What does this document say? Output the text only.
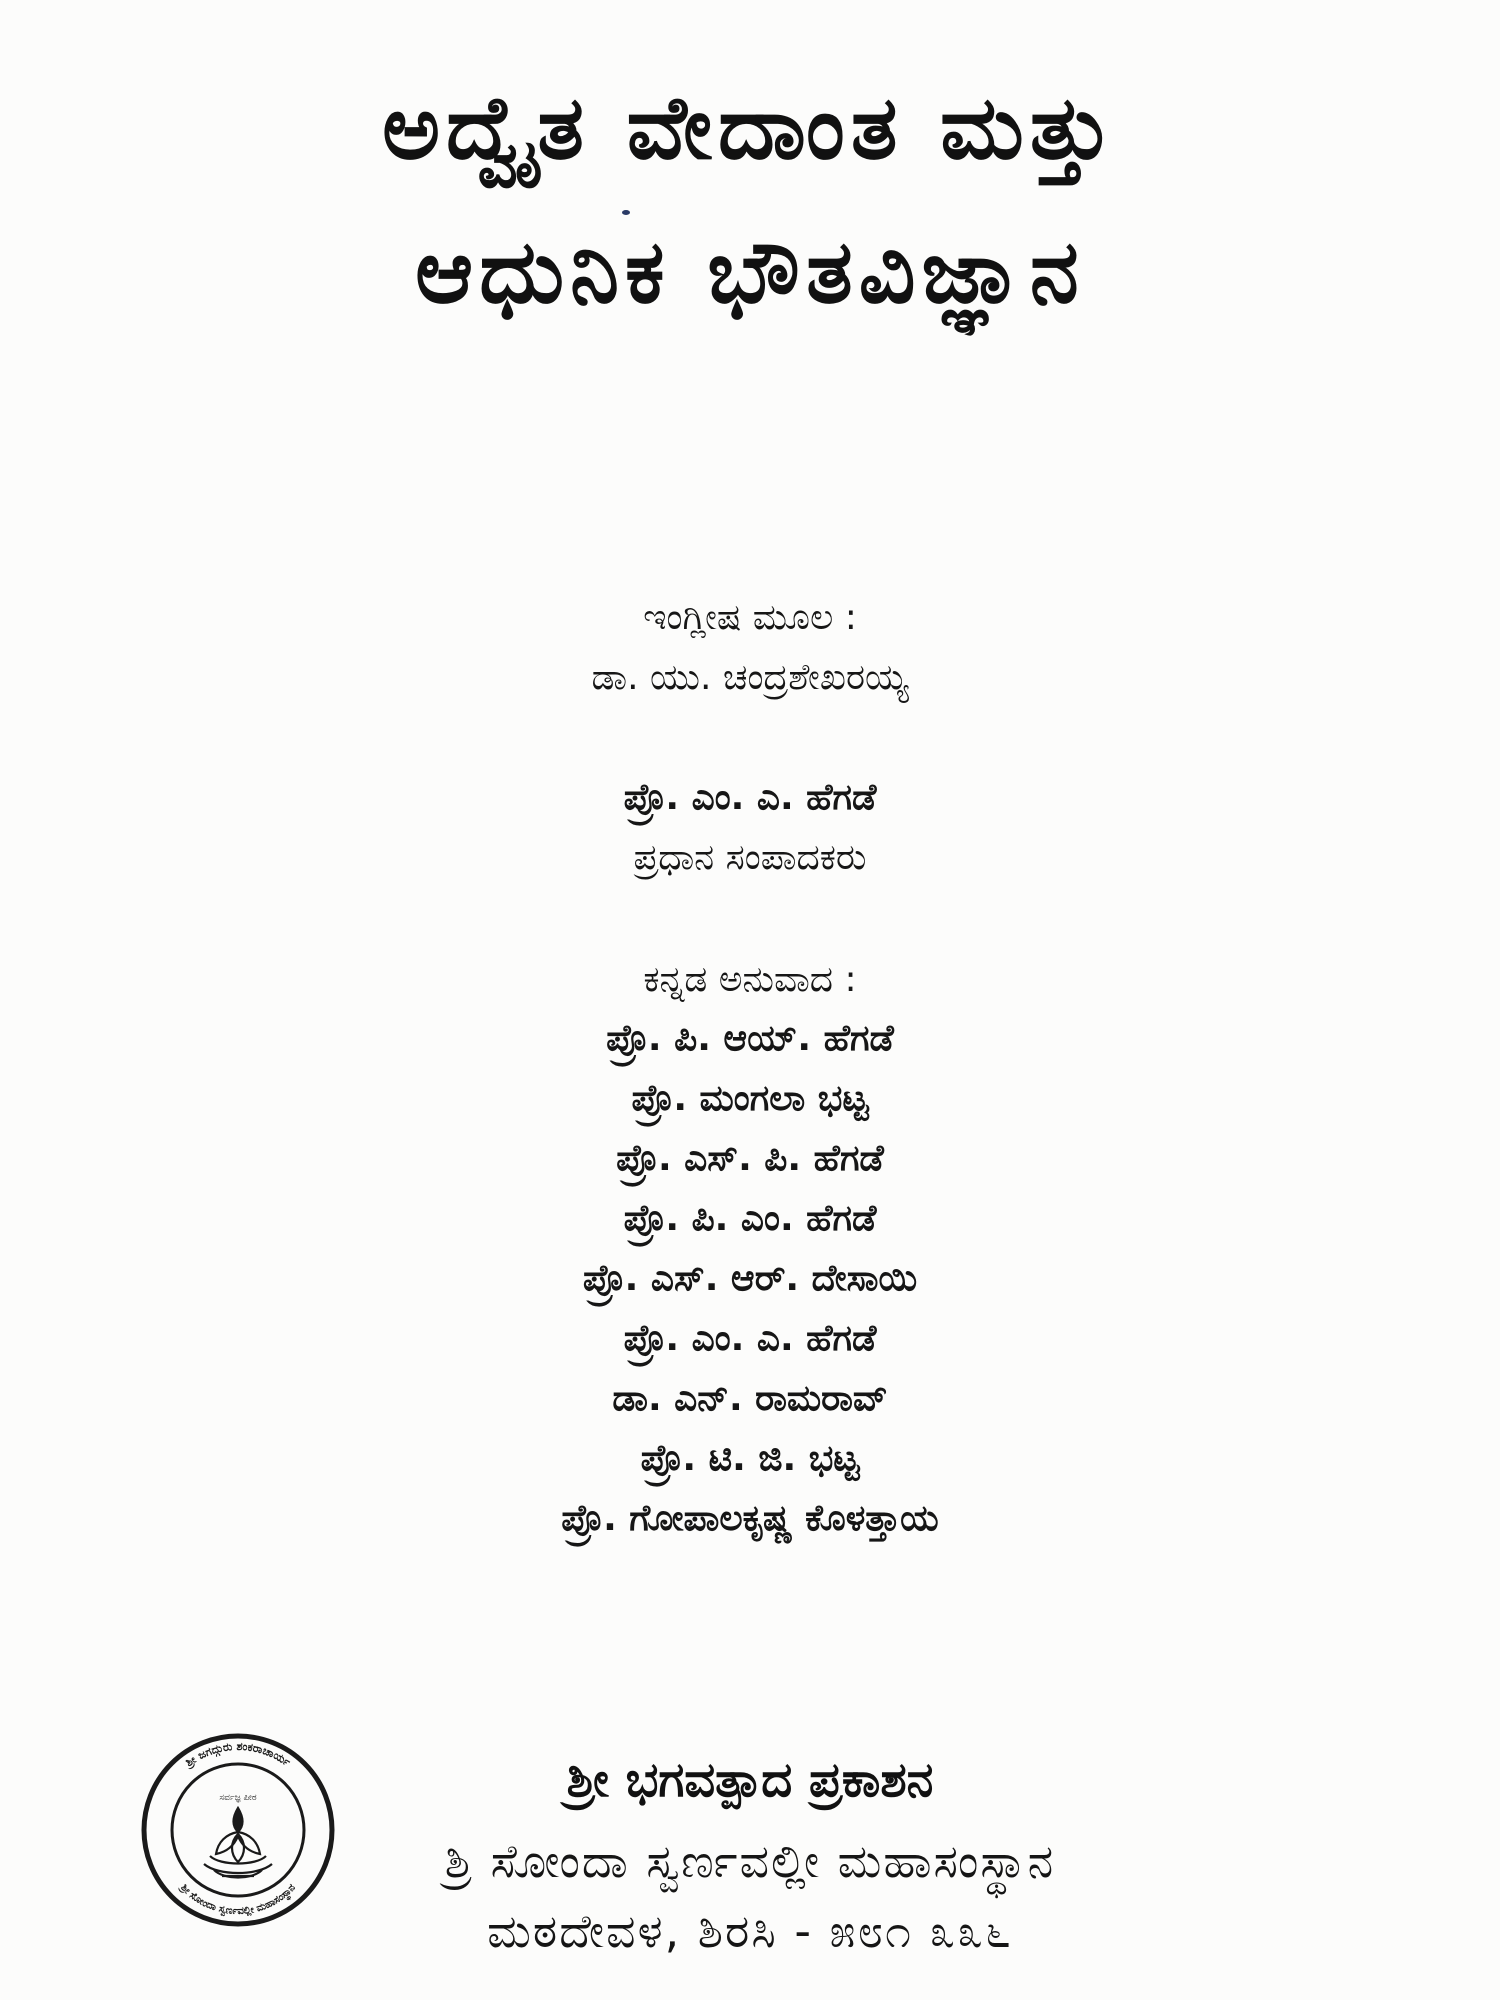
ಅದ್ವೈತ ವೇದಾಂತ ಮತ್ತು
ಆಧುನಿಕ ಭೌತವಿಜ್ಞಾನ
ಇಂಗ್ಲೀಷ ಮೂಲ :
ಡಾ. ಯು. ಚಂದ್ರಶೇಖರಯ್ಯ
ಪ್ರೊ. ಎಂ. ಎ. ಹೆಗಡೆ
ಪ್ರಧಾನ ಸಂಪಾದಕರು
ಕನ್ನಡ ಅನುವಾದ :
ಪ್ರೊ. ಪಿ. ಆಯ್. ಹೆಗಡೆ
ಪ್ರೊ. ಮಂಗಲಾ ಭಟ್ಟ
ಪ್ರೊ. ಎಸ್. ಪಿ. ಹೆಗಡೆ
ಪ್ರೊ. ಪಿ. ಎಂ. ಹೆಗಡೆ
ಪ್ರೊ. ಎಸ್. ಆರ್. ದೇಸಾಯಿ
ಪ್ರೊ. ಎಂ. ಎ. ಹೆಗಡೆ
ಡಾ. ಎನ್. ರಾಮರಾವ್
ಪ್ರೊ. ಟಿ. ಜಿ. ಭಟ್ಟ
ಪ್ರೊ. ಗೋಪಾಲಕೃಷ್ಣ ಕೊಳತ್ತಾಯ
ಶ್ರೀ ಜಗದ್ಗುರು ಶಂಕರಾಚಾರ್ಯ
ಶ್ರೀ ಸೋಂದಾ ಸ್ವರ್ಣವಲ್ಲೀ ಮಹಾಸಂಸ್ಥಾನ
ಸರ್ವಜ್ಞ ಪೀಠ	ಶ್ರೀ ಭಗವತ್ಪಾದ ಪ್ರಕಾಶನ
ಶ್ರಿ ಸೋಂದಾ ಸ್ವರ್ಣವಲ್ಲೀ ಮಹಾಸಂಸ್ಥಾನ
ಮಠದೇವಳ, ಶಿರಸಿ - ೫೮೧ ೩೩೬
